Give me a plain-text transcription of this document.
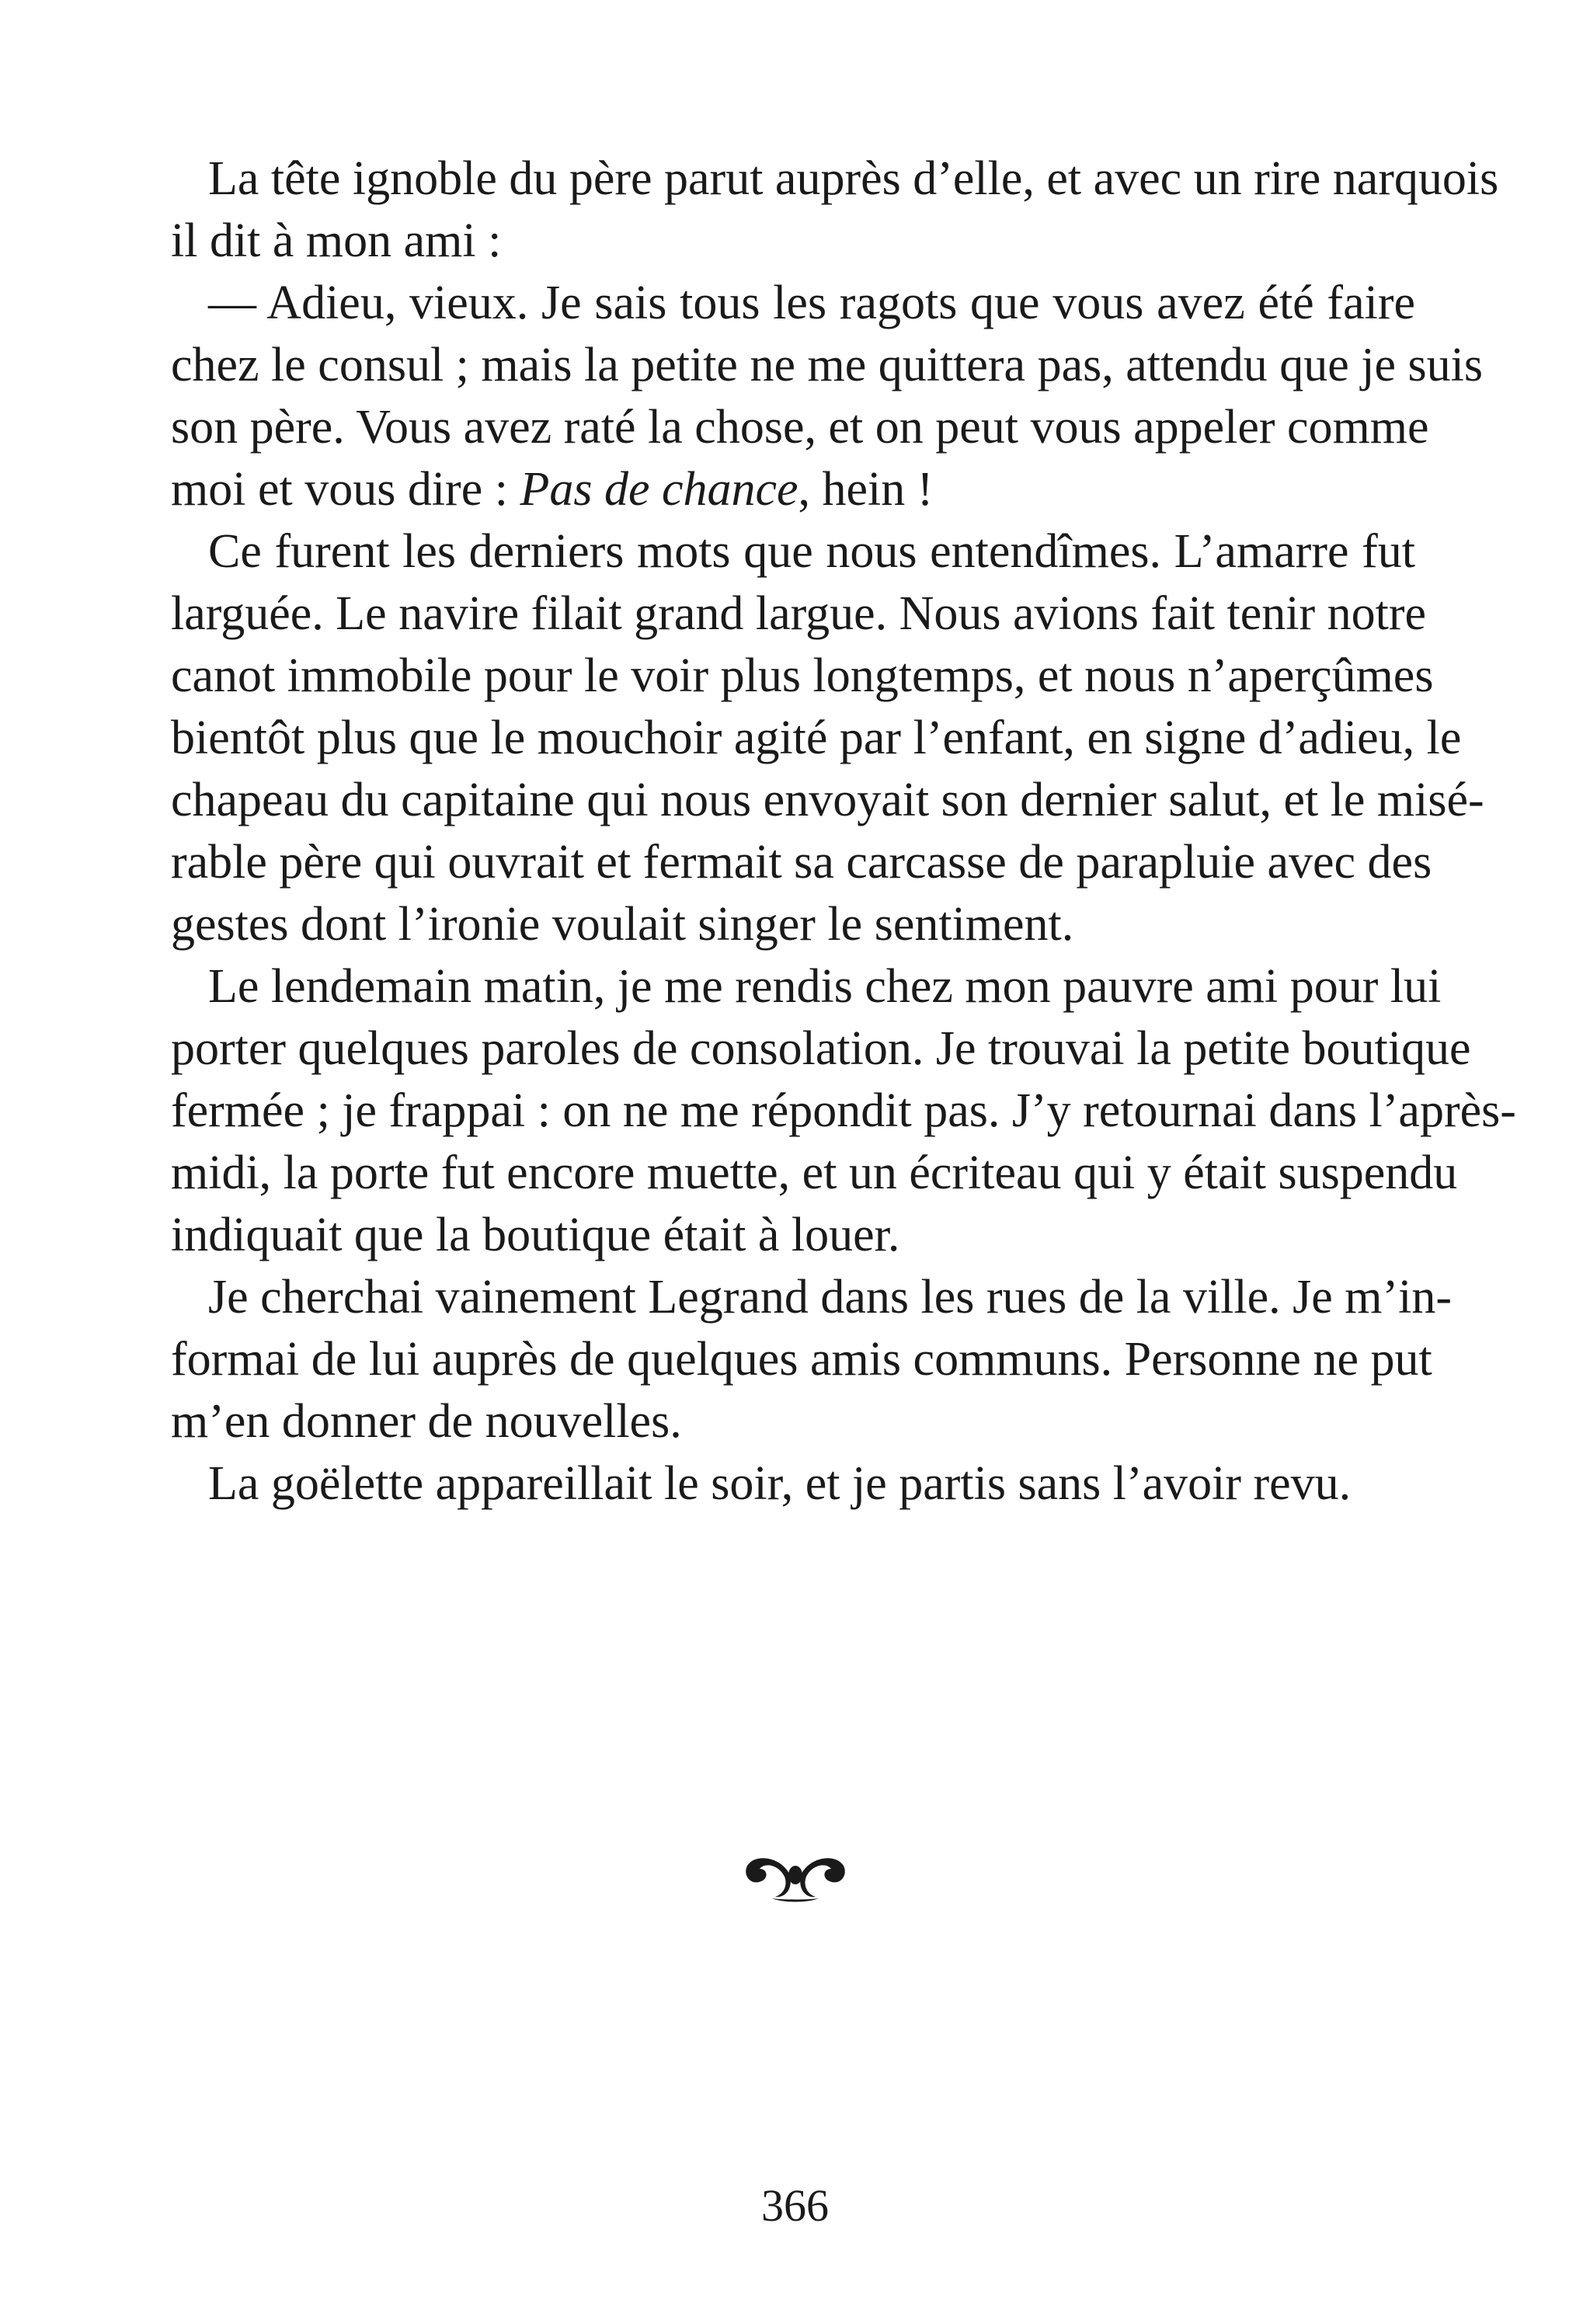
La tête ignoble du père parut auprès d’elle, et avec un rire narquois
il dit à mon ami :
— Adieu, vieux. Je sais tous les ragots que vous avez été faire
chez le consul ; mais la petite ne me quittera pas, attendu que je suis
son père. Vous avez raté la chose, et on peut vous appeler comme
moi et vous dire : Pas de chance, hein !
Ce furent les derniers mots que nous entendîmes. L’amarre fut
larguée. Le navire filait grand largue. Nous avions fait tenir notre
canot immobile pour le voir plus longtemps, et nous n’aperçûmes
bientôt plus que le mouchoir agité par l’enfant, en signe d’adieu, le
chapeau du capitaine qui nous envoyait son dernier salut, et le misé-
rable père qui ouvrait et fermait sa carcasse de parapluie avec des
gestes dont l’ironie voulait singer le sentiment.
Le lendemain matin, je me rendis chez mon pauvre ami pour lui
porter quelques paroles de consolation. Je trouvai la petite boutique
fermée ; je frappai : on ne me répondit pas. J’y retournai dans l’après-
midi, la porte fut encore muette, et un écriteau qui y était suspendu
indiquait que la boutique était à louer.
Je cherchai vainement Legrand dans les rues de la ville. Je m’in-
formai de lui auprès de quelques amis communs. Personne ne put
m’en donner de nouvelles.
La goëlette appareillait le soir, et je partis sans l’avoir revu.
366
